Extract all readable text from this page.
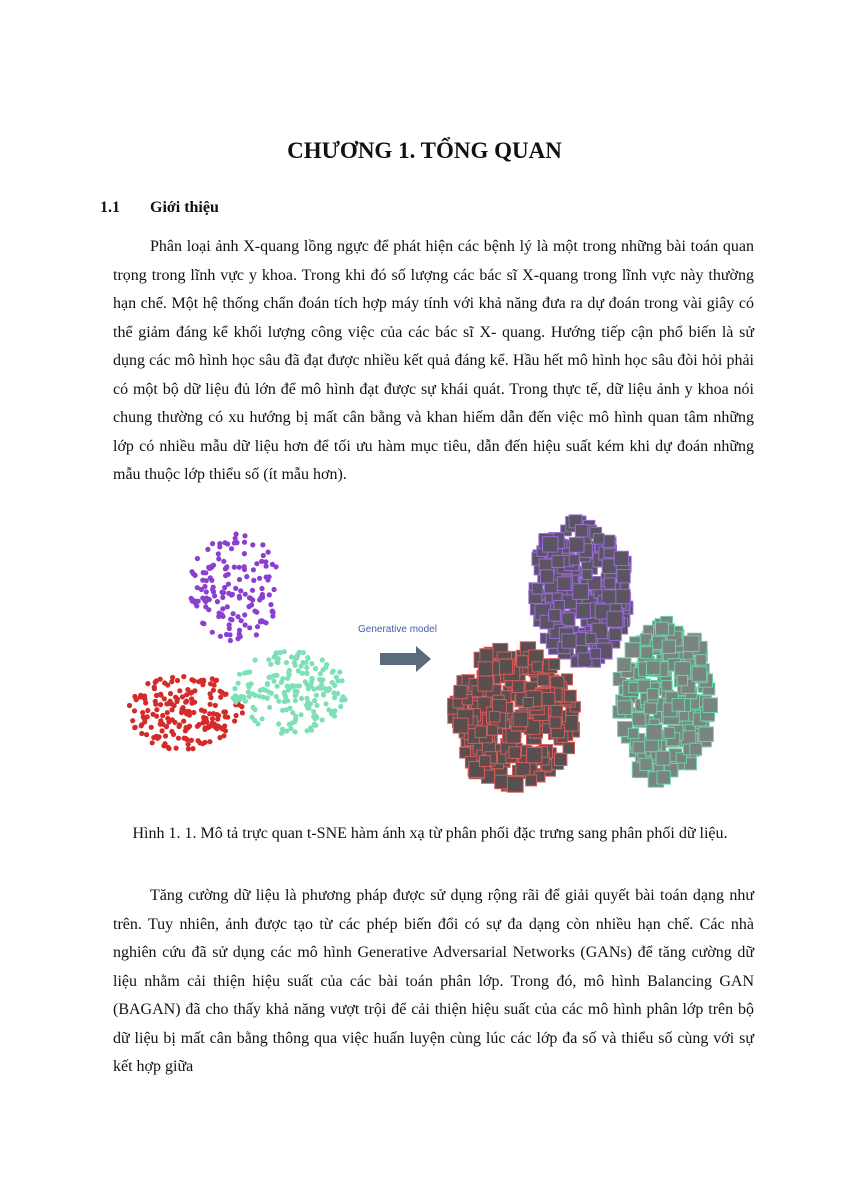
CHƯƠNG 1. TỔNG QUAN
1.1 Giới thiệu

Phân loại ảnh X-quang lồng ngực để phát hiện các bệnh lý là một trong những bài toán quan trọng trong lĩnh vực y khoa. Trong khi đó số lượng các bác sĩ X-quang trong lĩnh vực này thường hạn chế. Một hệ thống chẩn đoán tích hợp máy tính với khả năng đưa ra dự đoán trong vài giây có thể giảm đáng kể khối lượng công việc của các bác sĩ X- quang. Hướng tiếp cận phổ biến là sử dụng các mô hình học sâu đã đạt được nhiều kết quả đáng kể. Hầu hết mô hình học sâu đòi hỏi phải có một bộ dữ liệu đủ lớn để mô hình đạt được sự khái quát. Trong thực tế, dữ liệu ảnh y khoa nói chung thường có xu hướng bị mất cân bằng và khan hiếm dẫn đến việc mô hình quan tâm những lớp có nhiều mẫu dữ liệu hơn để tối ưu hàm mục tiêu, dẫn đến hiệu suất kém khi dự đoán những mẫu thuộc lớp thiểu số (ít mẫu hơn).

Generative model

Hình 1. 1. Mô tả trực quan t-SNE hàm ánh xạ từ phân phối đặc trưng sang phân phối dữ liệu.

Tăng cường dữ liệu là phương pháp được sử dụng rộng rãi để giải quyết bài toán dạng như trên. Tuy nhiên, ảnh được tạo từ các phép biến đổi có sự đa dạng còn nhiều hạn chế. Các nhà nghiên cứu đã sử dụng các mô hình Generative Adversarial Networks (GANs) để tăng cường dữ liệu nhằm cải thiện hiệu suất của các bài toán phân lớp. Trong đó, mô hình Balancing GAN (BAGAN) đã cho thấy khả năng vượt trội để cải thiện hiệu suất của các mô hình phân lớp trên bộ dữ liệu bị mất cân bằng thông qua việc huấn luyện cùng lúc các lớp đa số và thiểu số cùng với sự kết hợp giữa
